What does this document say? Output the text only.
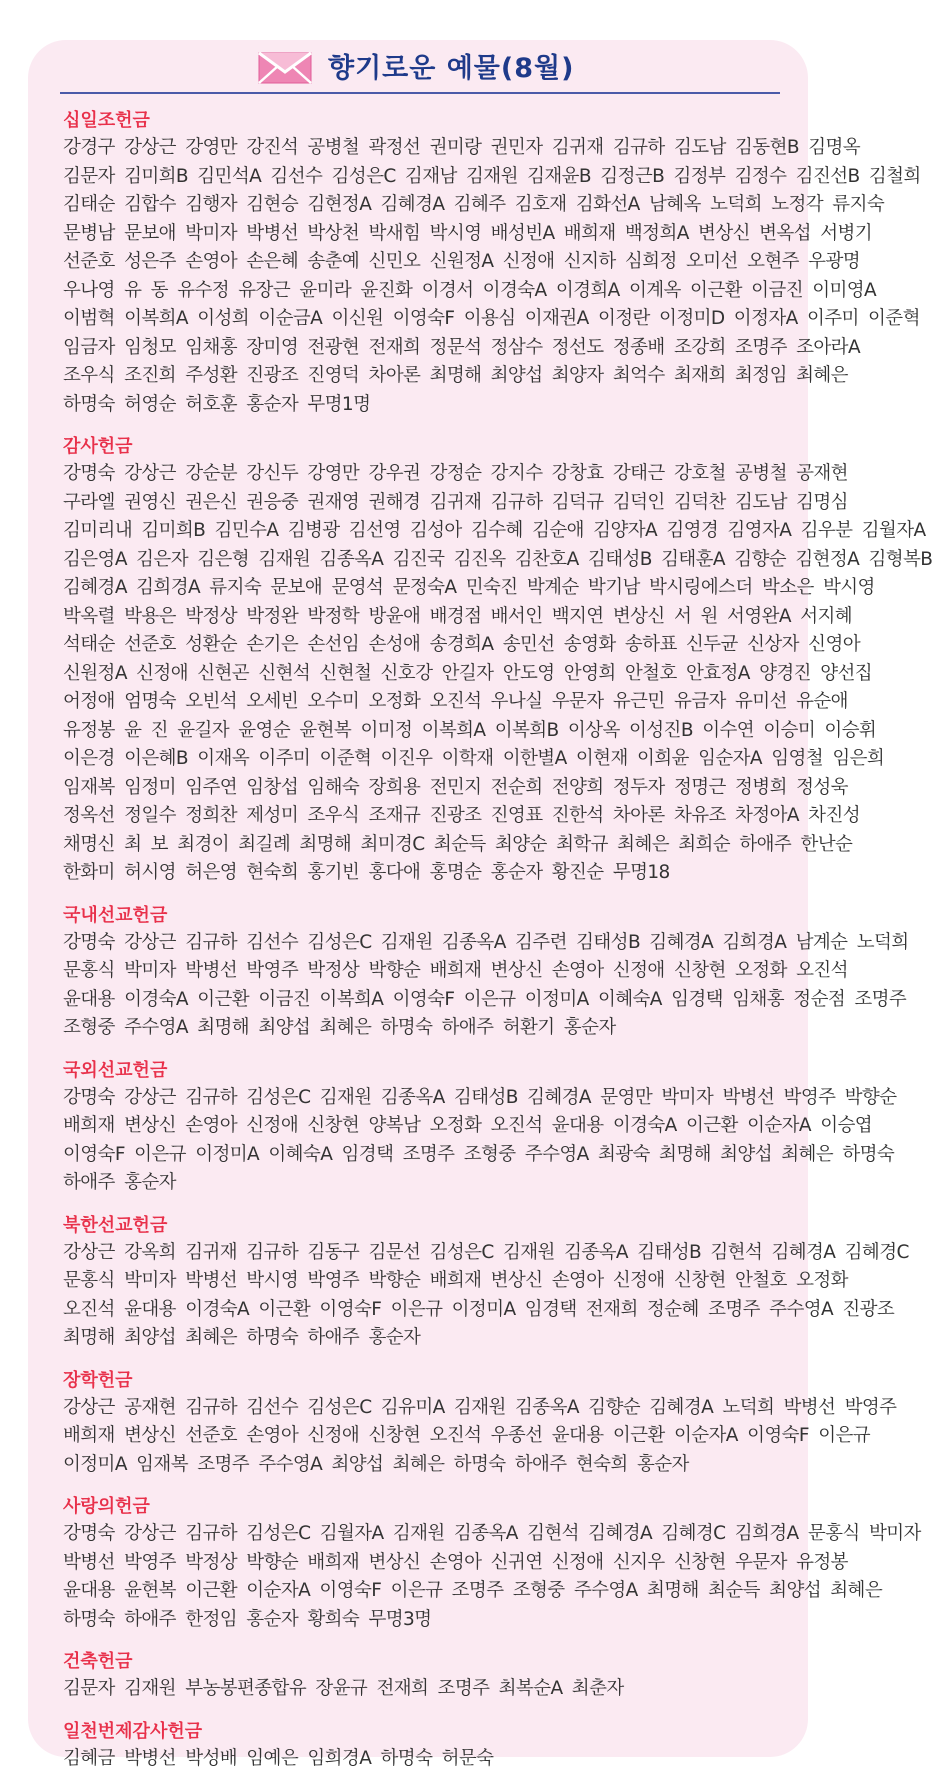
향기로운 예물(8월)
십일조헌금
강경구 강상근 강영만 강진석 공병철 곽정선 권미랑 권민자 김귀재 김규하 김도남 김동현B 김명옥
김문자 김미희B 김민석A 김선수 김성은C 김재남 김재원 김재윤B 김정근B 김정부 김정수 김진선B 김철희
김태순 김합수 김행자 김현승 김현정A 김혜경A 김혜주 김호재 김화선A 남혜옥 노덕희 노정각 류지숙
문병남 문보애 박미자 박병선 박상천 박새힘 박시영 배성빈A 배희재 백정희A 변상신 변옥섭 서병기
선준호 성은주 손영아 손은혜 송춘예 신민오 신원정A 신정애 신지하 심희정 오미선 오현주 우광명
우나영 유 동 유수정 유장근 윤미라 윤진화 이경서 이경숙A 이경희A 이계옥 이근환 이금진 이미영A
이범혁 이복희A 이성희 이순금A 이신원 이영숙F 이용심 이재권A 이정란 이정미D 이정자A 이주미 이준혁
임금자 임청모 임채홍 장미영 전광현 전재희 정문석 정삼수 정선도 정종배 조강희 조명주 조아라A
조우식 조진희 주성환 진광조 진영덕 차아론 최명해 최양섭 최양자 최억수 최재희 최정임 최혜은
하명숙 허영순 허호훈 홍순자 무명1명
감사헌금
강명숙 강상근 강순분 강신두 강영만 강우권 강정순 강지수 강창효 강태근 강호철 공병철 공재현
구라엘 권영신 권은신 권응중 권재영 권해경 김귀재 김규하 김덕규 김덕인 김덕찬 김도남 김명심
김미리내 김미희B 김민수A 김병광 김선영 김성아 김수혜 김순애 김양자A 김영경 김영자A 김우분 김월자A
김은영A 김은자 김은형 김재원 김종옥A 김진국 김진옥 김찬호A 김태성B 김태훈A 김향순 김현정A 김형복B
김혜경A 김희경A 류지숙 문보애 문영석 문정숙A 민숙진 박계순 박기남 박시링에스더 박소은 박시영
박옥렬 박용은 박정상 박정완 박정학 방윤애 배경점 배서인 백지연 변상신 서 원 서영완A 서지혜
석태순 선준호 성환순 손기은 손선임 손성애 송경희A 송민선 송영화 송하표 신두균 신상자 신영아
신원정A 신정애 신현곤 신현석 신현철 신호강 안길자 안도영 안영희 안철호 안효정A 양경진 양선집
어정애 엄명숙 오빈석 오세빈 오수미 오정화 오진석 우나실 우문자 유근민 유금자 유미선 유순애
유정봉 윤 진 윤길자 윤영순 윤현복 이미정 이복희A 이복희B 이상옥 이성진B 이수연 이승미 이승휘
이은경 이은혜B 이재옥 이주미 이준혁 이진우 이학재 이한별A 이현재 이희윤 임순자A 임영철 임은희
임재복 임정미 임주연 임창섭 임해숙 장희용 전민지 전순희 전양희 정두자 정명근 정병희 정성욱
정옥선 정일수 정희찬 제성미 조우식 조재규 진광조 진영표 진한석 차아론 차유조 차정아A 차진성
채명신 최 보 최경이 최길례 최명해 최미경C 최순득 최양순 최학규 최혜은 최희순 하애주 한난순
한화미 허시영 허은영 현숙희 홍기빈 홍다애 홍명순 홍순자 황진순 무명18
국내선교헌금
강명숙 강상근 김규하 김선수 김성은C 김재원 김종옥A 김주련 김태성B 김혜경A 김희경A 남계순 노덕희
문홍식 박미자 박병선 박영주 박정상 박향순 배희재 변상신 손영아 신정애 신창현 오정화 오진석
윤대용 이경숙A 이근환 이금진 이복희A 이영숙F 이은규 이정미A 이혜숙A 임경택 임채홍 정순점 조명주
조형중 주수영A 최명해 최양섭 최혜은 하명숙 하애주 허환기 홍순자
국외선교헌금
강명숙 강상근 김규하 김성은C 김재원 김종옥A 김태성B 김혜경A 문영만 박미자 박병선 박영주 박향순
배희재 변상신 손영아 신정애 신창현 양복남 오정화 오진석 윤대용 이경숙A 이근환 이순자A 이승엽
이영숙F 이은규 이정미A 이혜숙A 임경택 조명주 조형중 주수영A 최광숙 최명해 최양섭 최혜은 하명숙
하애주 홍순자
북한선교헌금
강상근 강옥희 김귀재 김규하 김동구 김문선 김성은C 김재원 김종옥A 김태성B 김현석 김혜경A 김혜경C
문홍식 박미자 박병선 박시영 박영주 박향순 배희재 변상신 손영아 신정애 신창현 안철호 오정화
오진석 윤대용 이경숙A 이근환 이영숙F 이은규 이정미A 임경택 전재희 정순혜 조명주 주수영A 진광조
최명해 최양섭 최혜은 하명숙 하애주 홍순자
장학헌금
강상근 공재현 김규하 김선수 김성은C 김유미A 김재원 김종옥A 김향순 김혜경A 노덕희 박병선 박영주
배희재 변상신 선준호 손영아 신정애 신창현 오진석 우종선 윤대용 이근환 이순자A 이영숙F 이은규
이정미A 임재복 조명주 주수영A 최양섭 최혜은 하명숙 하애주 현숙희 홍순자
사랑의헌금
강명숙 강상근 김규하 김성은C 김월자A 김재원 김종옥A 김현석 김혜경A 김혜경C 김희경A 문홍식 박미자
박병선 박영주 박정상 박향순 배희재 변상신 손영아 신귀연 신정애 신지우 신창현 우문자 유정봉
윤대용 윤현복 이근환 이순자A 이영숙F 이은규 조명주 조형중 주수영A 최명해 최순득 최양섭 최혜은
하명숙 하애주 한정임 홍순자 황희숙 무명3명
건축헌금
김문자 김재원 부농봉편종합유 장윤규 전재희 조명주 최복순A 최춘자
일천번제감사헌금
김혜금 박병선 박성배 임예은 임희경A 하명숙 허문숙
